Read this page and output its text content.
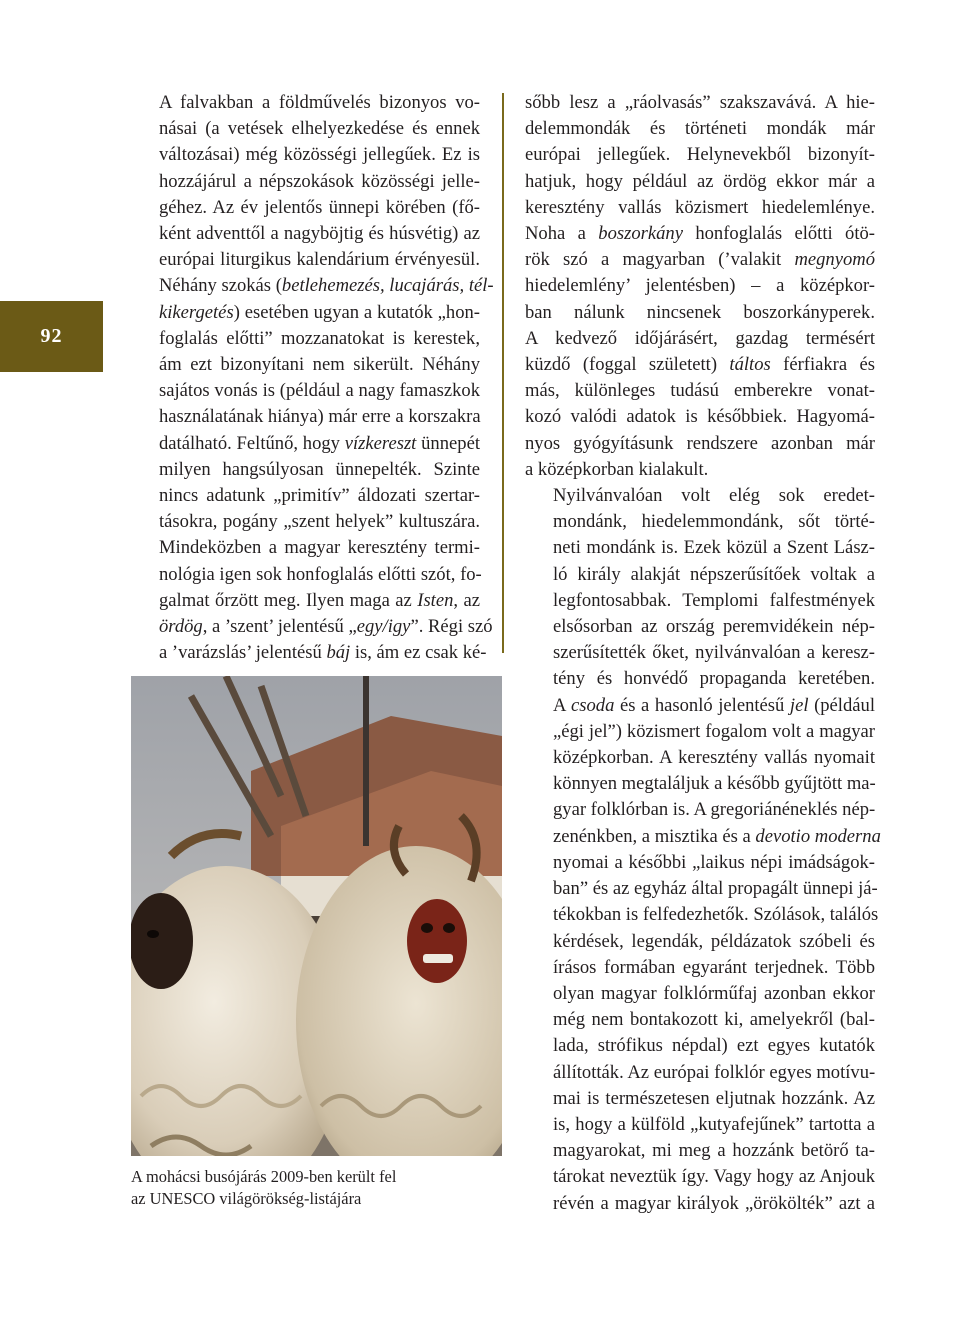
92

A falvakban a földművelés bizonyos vo-
násai (a vetések elhelyezkedése és ennek
változásai) még közösségi jellegűek. Ez is
hozzájárul a népszokások közösségi jelle-
géhez. Az év jelentős ünnepi körében (fő-
ként adventtől a nagyböjtig és húsvétig) az
európai liturgikus kalendárium érvényesül.
Néhány szokás (betlehemezés, lucajárás, tél-
kikergetés) esetében ugyan a kutatók „hon-
foglalás előtti” mozzanatokat is kerestek,
ám ezt bizonyítani nem sikerült. Néhány
sajátos vonás is (például a nagy famaszkok
használatának hiánya) már erre a korszakra
datálható. Feltűnő, hogy vízkereszt ünnepét
milyen hangsúlyosan ünnepelték. Szinte
nincs adatunk „primitív” áldozati szertar-
tásokra, pogány „szent helyek” kultuszára.
Mindeközben a magyar keresztény termi-
nológia igen sok honfoglalás előtti szót, fo-
galmat őrzött meg. Ilyen maga az Isten, az
ördög, a ’szent’ jelentésű „egy/igy”. Régi szó
a ’varázslás’ jelentésű báj is, ám ez csak ké-

sőbb lesz a „ráolvasás” szakszavává. A hie-
delemmondák és történeti mondák már
európai jellegűek. Helynevekből bizonyít-
hatjuk, hogy például az ördög ekkor már a
keresztény vallás közismert hiedelemlénye.
Noha a boszorkány honfoglalás előtti ótö-
rök szó a magyarban (’valakit megnyomó
hiedelemlény’ jelentésben) – a középkor-
ban nálunk nincsenek boszorkányperek.
A kedvező időjárásért, gazdag termésért
küzdő (foggal született) táltos férfiakra és
más, különleges tudású emberekre vonat-
kozó valódi adatok is későbbiek. Hagyomá-
nyos gyógyításunk rendszere azonban már
a középkorban kialakult.

Nyilvánvalóan volt elég sok eredet-
mondánk, hiedelemmondánk, sőt törté-
neti mondánk is. Ezek közül a Szent Lász-
ló király alakját népszerűsítőek voltak a
legfontosabbak. Templomi falfestmények
elsősorban az ország peremvidékein nép-
szerűsítették őket, nyilvánvalóan a keresz-
tény és honvédő propaganda keretében.
A csoda és a hasonló jelentésű jel (például
„égi jel”) közismert fogalom volt a magyar
középkorban. A keresztény vallás nyomait
könnyen megtaláljuk a később gyűjtött ma-
gyar folklórban is. A gregoriánéneklés nép-
zenénkben, a misztika és a devotio moderna
nyomai a későbbi „laikus népi imádságok-
ban” és az egyház által propagált ünnepi já-
tékokban is felfedezhetők. Szólások, találós
kérdések, legendák, példázatok szóbeli és
írásos formában egyaránt terjednek. Több
olyan magyar folklórműfaj azonban ekkor
még nem bontakozott ki, amelyekről (bal-
lada, strófikus népdal) ezt egyes kutatók
állították. Az európai folklór egyes motívu-
mai is természetesen eljutnak hozzánk. Az
is, hogy a külföld „kutyafejűnek” tartotta a
magyarokat, mi meg a hozzánk betörő ta-
tárokat neveztük így. Vagy hogy az Anjouk
révén a magyar királyok „örökölték” azt a

A mohácsi busójárás 2009-ben került fel
az UNESCO világörökség-listájára
